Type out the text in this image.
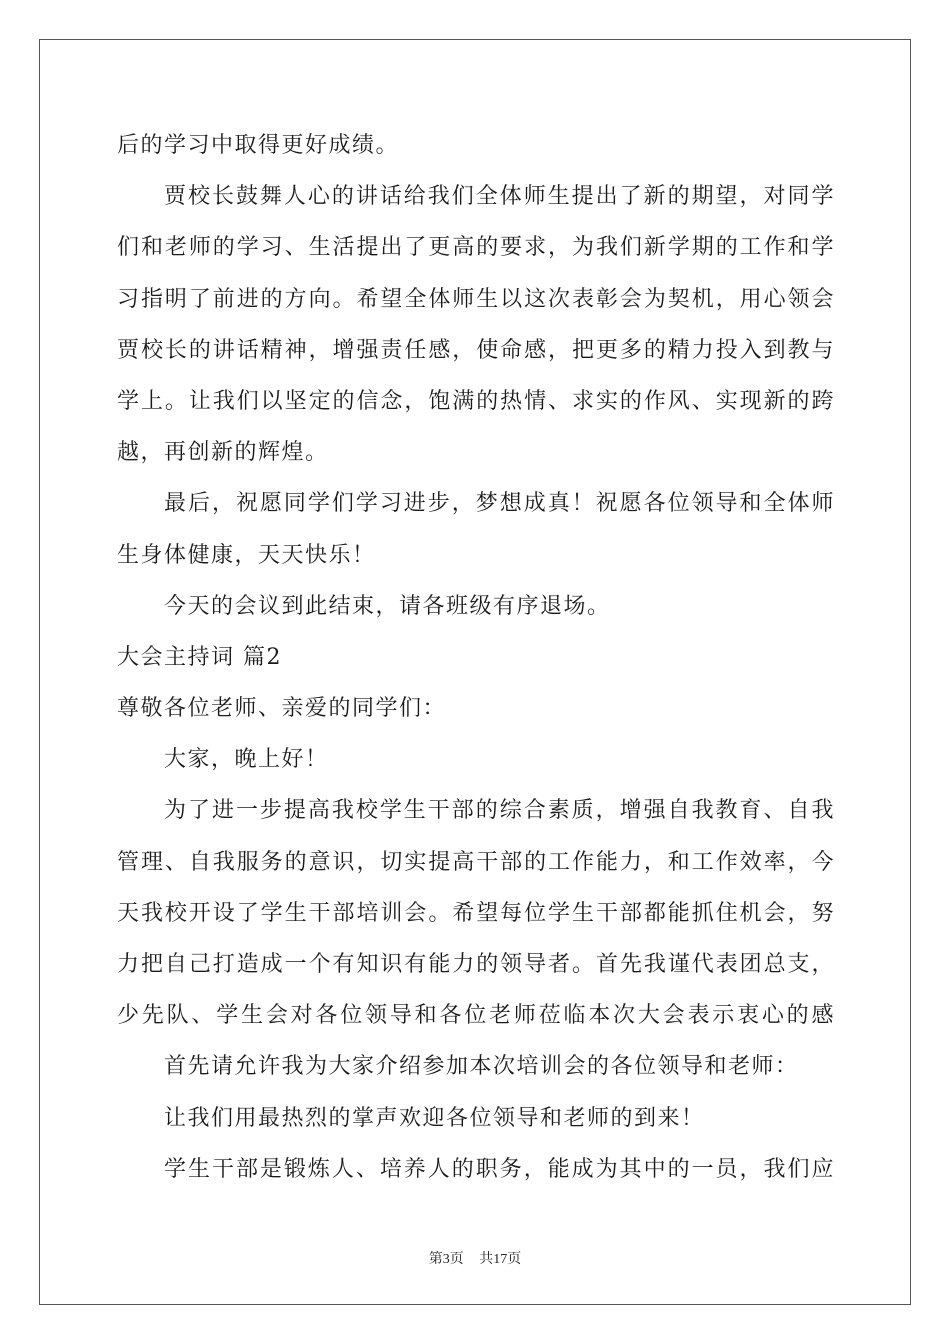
后的学习中取得更好成绩。
贾校长鼓舞人心的讲话给我们全体师生提出了新的期望，对同学
们和老师的学习、生活提出了更高的要求，为我们新学期的工作和学
习指明了前进的方向。希望全体师生以这次表彰会为契机，用心领会
贾校长的讲话精神，增强责任感，使命感，把更多的精力投入到教与
学上。让我们以坚定的信念，饱满的热情、求实的作风、实现新的跨
越，再创新的辉煌。
最后，祝愿同学们学习进步，梦想成真！祝愿各位领导和全体师
生身体健康，天天快乐！
今天的会议到此结束，请各班级有序退场。
大会主持词 篇2
尊敬各位老师、亲爱的同学们：
大家，晚上好！
为了进一步提高我校学生干部的综合素质，增强自我教育、自我
管理、自我服务的意识，切实提高干部的工作能力，和工作效率，今
天我校开设了学生干部培训会。希望每位学生干部都能抓住机会，努
力把自己打造成一个有知识有能力的领导者。首先我谨代表团总支，
少先队、学生会对各位领导和各位老师莅临本次大会表示衷心的感
首先请允许我为大家介绍参加本次培训会的各位领导和老师：
让我们用最热烈的掌声欢迎各位领导和老师的到来！
学生干部是锻炼人、培养人的职务，能成为其中的一员，我们应
第3页 共17页
